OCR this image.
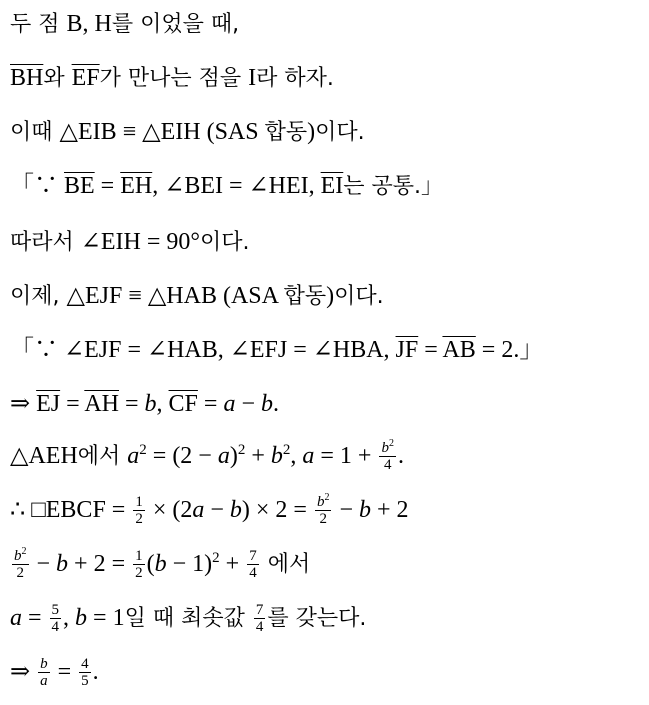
두 점 B, H를 이었을 때,
$\overline{BH}$와 $\overline{EF}$가 만나는 점을 I라 하자.
이때 △EIB ≡ △EIH (SAS 합동)이다.
「∵ $\overline{BE} = \overline{EH}$, ∠BEI = ∠HEI, $\overline{EI}$는 공통.」
따라서 ∠EIH = 90°이다.
이제, △EJF ≡ △HAB (ASA 합동)이다.
「∵ ∠EJF = ∠HAB, ∠EFJ = ∠HBA, $\overline{JF} = \overline{AB} = 2$.」
⇒ $\overline{EJ} = \overline{AH} = b$, $\overline{CF} = a - b$.
△AEH에서 $a^2 = (2 - a)^2 + b^2$, $a = 1 + \frac{b^2}{4}$ .
∴ □EBCF = $\frac{1}{2} \times (2a - b) \times 2 = \frac{b^2}{2} - b + 2$
$\frac{b^2}{2} - b + 2 = \frac{1}{2} (b - 1)^2 + \frac{7}{4}$ 에서
$a = \frac{5}{4}$ , b = 1일 때 최솟값 $\frac{7}{4}$ 를 갖는다.
⇒ $\frac{b}{a} = \frac{4}{5}$ .
